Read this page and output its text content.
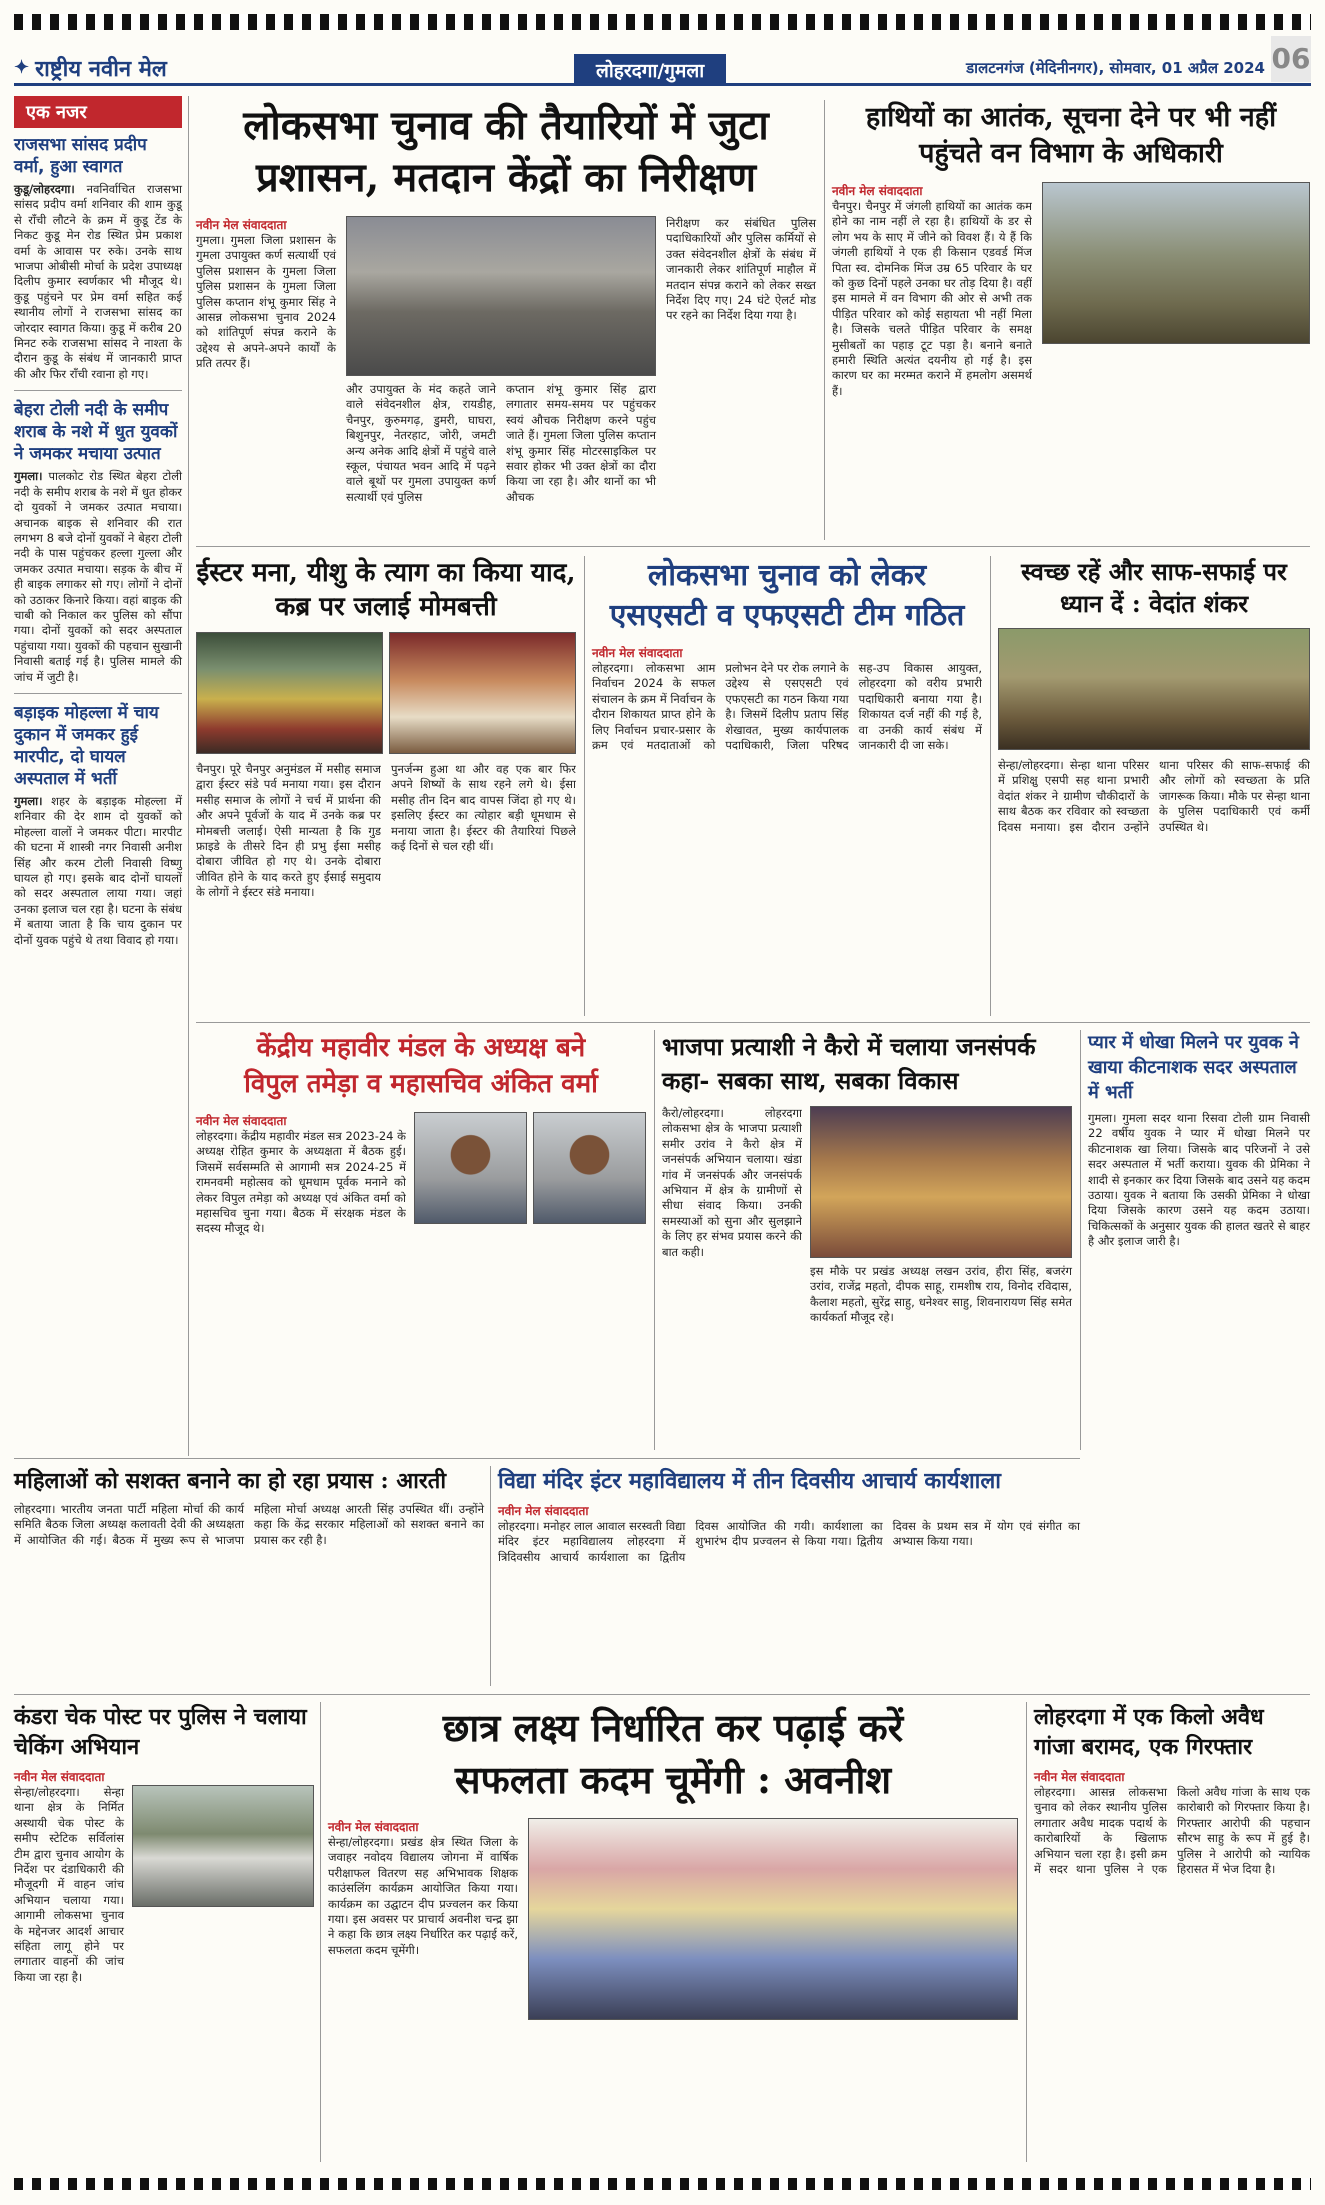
✦ राष्ट्रीय नवीन मेल	लोहरदगा/गुमला	डालटनगंज (मेदिनीनगर), सोमवार, 01 अप्रैल 2024 06
एक नजर
राजसभा सांसद प्रदीप वर्मा, हुआ स्वागत
कुडू/लोहरदगा। नवनिर्वाचित राजसभा सांसद प्रदीप वर्मा शनिवार की शाम कुडू से राँची लौटने के क्रम में कुडू टेंड के निकट कुडू मेन रोड स्थित प्रेम प्रकाश वर्मा के आवास पर रुके। उनके साथ भाजपा ओबीसी मोर्चा के प्रदेश उपाध्यक्ष दिलीप कुमार स्वर्णकार भी मौजूद थे। कुडू पहुंचने पर प्रेम वर्मा सहित कई स्थानीय लोगों ने राजसभा सांसद का जोरदार स्वागत किया। कुडू में करीब 20 मिनट रुके राजसभा सांसद ने नाश्ता के दौरान कुडू के संबंध में जानकारी प्राप्त की और फिर राँची रवाना हो गए।
बेहरा टोली नदी के समीप शराब के नशे में धुत युवकों ने जमकर मचाया उत्पात
गुमला। पालकोट रोड स्थित बेहरा टोली नदी के समीप शराब के नशे में धुत होकर दो युवकों ने जमकर उत्पात मचाया। अचानक बाइक से शनिवार की रात लगभग 8 बजे दोनों युवकों ने बेहरा टोली नदी के पास पहुंचकर हल्ला गुल्ला और जमकर उत्पात मचाया। सड़क के बीच में ही बाइक लगाकर सो गए। लोगों ने दोनों को उठाकर किनारे किया। वहां बाइक की चाबी को निकाल कर पुलिस को सौंपा गया। दोनों युवकों को सदर अस्पताल पहुंचाया गया। युवकों की पहचान सुखानी निवासी बताई गई है। पुलिस मामले की जांच में जुटी है।
बड़ाइक मोहल्ला में चाय दुकान में जमकर हुई मारपीट, दो घायल अस्पताल में भर्ती
गुमला। शहर के बड़ाइक मोहल्ला में शनिवार की देर शाम दो युवकों को मोहल्ला वालों ने जमकर पीटा। मारपीट की घटना में शास्त्री नगर निवासी अनीश सिंह और करम टोली निवासी विष्णु घायल हो गए। इसके बाद दोनों घायलों को सदर अस्पताल लाया गया। जहां उनका इलाज चल रहा है। घटना के संबंध में बताया जाता है कि चाय दुकान पर दोनों युवक पहुंचे थे तथा विवाद हो गया।
लोकसभा चुनाव की तैयारियों में जुटा
प्रशासन, मतदान केंद्रों का निरीक्षण
नवीन मेल संवाददाता
गुमला। गुमला जिला प्रशासन के गुमला उपायुक्त कर्ण सत्यार्थी एवं पुलिस प्रशासन के गुमला जिला पुलिस प्रशासन के गुमला जिला पुलिस कप्तान शंभू कुमार सिंह ने आसन्न लोकसभा चुनाव 2024 को शांतिपूर्ण संपन्न कराने के उद्देश्य से अपने-अपने कार्यों के प्रति तत्पर हैं।
और उपायुक्त के मंद कहते जाने वाले संवेदनशील क्षेत्र, रायडीह, चैनपुर, कुरुमगढ़, डुमरी, घाघरा, बिशुनपुर, नेतरहाट, जोरी, जमटी अन्य अनेक आदि क्षेत्रों में पहुंचे वाले स्कूल, पंचायत भवन आदि में पढ़ने वाले बूथों पर गुमला उपायुक्त कर्ण सत्यार्थी एवं पुलिस
कप्तान शंभू कुमार सिंह द्वारा लगातार समय-समय पर पहुंचकर स्वयं औचक निरीक्षण करने पहुंच जाते हैं। गुमला जिला पुलिस कप्तान शंभू कुमार सिंह मोटरसाइकिल पर सवार होकर भी उक्त क्षेत्रों का दौरा किया जा रहा है। और थानों का भी औचक
निरीक्षण कर संबंधित पुलिस पदाधिकारियों और पुलिस कर्मियों से उक्त संवेदनशील क्षेत्रों के संबंध में जानकारी लेकर शांतिपूर्ण माहौल में मतदान संपन्न कराने को लेकर सख्त निर्देश दिए गए। 24 घंटे ऐलर्ट मोड पर रहने का निर्देश दिया गया है।
हाथियों का आतंक, सूचना देने पर भी नहीं पहुंचते वन विभाग के अधिकारी
नवीन मेल संवाददाता
चैनपुर। चैनपुर में जंगली हाथियों का आतंक कम होने का नाम नहीं ले रहा है। हाथियों के डर से लोग भय के साए में जीने को विवश हैं। ये हैं कि जंगली हाथियों ने एक ही किसान एडवर्ड मिंज पिता स्व. दोमनिक मिंज उम्र 65 परिवार के घर को कुछ दिनों पहले उनका घर तोड़ दिया है। वहीं इस मामले में वन विभाग की ओर से अभी तक पीड़ित परिवार को कोई सहायता भी नहीं मिला है। जिसके चलते पीड़ित परिवार के समक्ष मुसीबतों का पहाड़ टूट पड़ा है। बनाने बनाते हमारी स्थिति अत्यंत दयनीय हो गई है। इस कारण घर का मरम्मत कराने में हमलोग असमर्थ हैं।
ईस्टर मना, यीशु के त्याग का किया याद, कब्र पर जलाई मोमबत्ती
चैनपुर। पूरे चैनपुर अनुमंडल में मसीह समाज द्वारा ईस्टर संडे पर्व मनाया गया। इस दौरान मसीह समाज के लोगों ने चर्च में प्रार्थना की और अपने पूर्वजों के याद में उनके कब्र पर मोमबत्ती जलाई। ऐसी मान्यता है कि गुड फ्राइडे के तीसरे दिन ही प्रभु ईसा मसीह दोबारा जीवित हो गए थे। उनके दोबारा जीवित होने के याद करते हुए ईसाई समुदाय के लोगों ने ईस्टर संडे मनाया।
पुनर्जन्म हुआ था और वह एक बार फिर अपने शिष्यों के साथ रहने लगे थे। ईसा मसीह तीन दिन बाद वापस जिंदा हो गए थे। इसलिए ईस्टर का त्योहार बड़ी धूमधाम से मनाया जाता है। ईस्टर की तैयारियां पिछले कई दिनों से चल रही थीं।
लोकसभा चुनाव को लेकर
एसएसटी व एफएसटी टीम गठित
नवीन मेल संवाददाता
लोहरदगा। लोकसभा आम निर्वाचन 2024 के सफल संचालन के क्रम में निर्वाचन के दौरान शिकायत प्राप्त होने के लिए निर्वाचन प्रचार-प्रसार के क्रम एवं मतदाताओं को प्रलोभन देने पर रोक लगाने के उद्देश्य से एसएसटी एवं एफएसटी का गठन किया गया है। जिसमें दिलीप प्रताप सिंह शेखावत, मुख्य कार्यपालक पदाधिकारी, जिला परिषद सह-उप विकास आयुक्त, लोहरदगा को वरीय प्रभारी पदाधिकारी बनाया गया है। शिकायत दर्ज नहीं की गई है, वा उनकी कार्य संबंध में जानकारी दी जा सके।
स्वच्छ रहें और साफ-सफाई पर ध्यान दें : वेदांत शंकर
सेन्हा/लोहरदगा। सेन्हा थाना परिसर में प्रशिक्षु एसपी सह थाना प्रभारी वेदांत शंकर ने ग्रामीण चौकीदारों के साथ बैठक कर रविवार को स्वच्छता दिवस मनाया। इस दौरान उन्होंने थाना परिसर की साफ-सफाई की और लोगों को स्वच्छता के प्रति जागरूक किया। मौके पर सेन्हा थाना के पुलिस पदाधिकारी एवं कर्मी उपस्थित थे।
केंद्रीय महावीर मंडल के अध्यक्ष बने
विपुल तमेड़ा व महासचिव अंकित वर्मा
नवीन मेल संवाददाता
लोहरदगा। केंद्रीय महावीर मंडल सत्र 2023-24 के अध्यक्ष रोहित कुमार के अध्यक्षता में बैठक हुई। जिसमें सर्वसम्मति से आगामी सत्र 2024-25 में रामनवमी महोत्सव को धूमधाम पूर्वक मनाने को लेकर विपुल तमेड़ा को अध्यक्ष एवं अंकित वर्मा को महासचिव चुना गया। बैठक में संरक्षक मंडल के सदस्य मौजूद थे।
भाजपा प्रत्याशी ने कैरो में चलाया जनसंपर्क
कहा- सबका साथ, सबका विकास
कैरो/लोहरदगा। लोहरदगा लोकसभा क्षेत्र के भाजपा प्रत्याशी समीर उरांव ने कैरो क्षेत्र में जनसंपर्क अभियान चलाया। खंडा गांव में जनसंपर्क और जनसंपर्क अभियान में क्षेत्र के ग्रामीणों से सीधा संवाद किया। उनकी समस्याओं को सुना और सुलझाने के लिए हर संभव प्रयास करने की बात कही।
इस मौके पर प्रखंड अध्यक्ष लखन उरांव, हीरा सिंह, बजरंग उरांव, राजेंद्र महतो, दीपक साहू, रामशीष राय, विनोद रविदास, कैलाश महतो, सुरेंद्र साहु, धनेश्वर साहु, शिवनारायण सिंह समेत कार्यकर्ता मौजूद रहे।
प्यार में धोखा मिलने पर युवक ने खाया कीटनाशक सदर अस्पताल में भर्ती
गुमला। गुमला सदर थाना रिसवा टोली ग्राम निवासी 22 वर्षीय युवक ने प्यार में धोखा मिलने पर कीटनाशक खा लिया। जिसके बाद परिजनों ने उसे सदर अस्पताल में भर्ती कराया। युवक की प्रेमिका ने शादी से इनकार कर दिया जिसके बाद उसने यह कदम उठाया। युवक ने बताया कि उसकी प्रेमिका ने धोखा दिया जिसके कारण उसने यह कदम उठाया। चिकित्सकों के अनुसार युवक की हालत खतरे से बाहर है और इलाज जारी है।
महिलाओं को सशक्त बनाने का हो रहा प्रयास : आरती
लोहरदगा। भारतीय जनता पार्टी महिला मोर्चा की कार्य समिति बैठक जिला अध्यक्ष कलावती देवी की अध्यक्षता में आयोजित की गई। बैठक में मुख्य रूप से भाजपा महिला मोर्चा अध्यक्ष आरती सिंह उपस्थित थीं। उन्होंने कहा कि केंद्र सरकार महिलाओं को सशक्त बनाने का प्रयास कर रही है।
विद्या मंदिर इंटर महाविद्यालय में तीन दिवसीय आचार्य कार्यशाला
नवीन मेल संवाददाता
लोहरदगा। मनोहर लाल आवाल सरस्वती विद्या मंदिर इंटर महाविद्यालय लोहरदगा में त्रिदिवसीय आचार्य कार्यशाला का द्वितीय दिवस आयोजित की गयी। कार्यशाला का शुभारंभ दीप प्रज्वलन से किया गया। द्वितीय दिवस के प्रथम सत्र में योग एवं संगीत का अभ्यास किया गया।
कंडरा चेक पोस्ट पर पुलिस ने चलाया चेकिंग अभियान
नवीन मेल संवाददाता
सेन्हा/लोहरदगा। सेन्हा थाना क्षेत्र के निर्मित अस्थायी चेक पोस्ट के समीप स्टेटिक सर्विलांस टीम द्वारा चुनाव आयोग के निर्देश पर दंडाधिकारी की मौजूदगी में वाहन जांच अभियान चलाया गया। आगामी लोकसभा चुनाव के मद्देनजर आदर्श आचार संहिता लागू होने पर लगातार वाहनों की जांच किया जा रहा है।
छात्र लक्ष्य निर्धारित कर पढ़ाई करें
सफलता कदम चूमेंगी : अवनीश
नवीन मेल संवाददाता
सेन्हा/लोहरदगा। प्रखंड क्षेत्र स्थित जिला के जवाहर नवोदय विद्यालय जोगना में वार्षिक परीक्षाफल वितरण सह अभिभावक शिक्षक काउंसलिंग कार्यक्रम आयोजित किया गया। कार्यक्रम का उद्घाटन दीप प्रज्वलन कर किया गया। इस अवसर पर प्राचार्य अवनीश चन्द्र झा ने कहा कि छात्र लक्ष्य निर्धारित कर पढ़ाई करें, सफलता कदम चूमेंगी।
लोहरदगा में एक किलो अवैध गांजा बरामद, एक गिरफ्तार
नवीन मेल संवाददाता
लोहरदगा। आसन्न लोकसभा चुनाव को लेकर स्थानीय पुलिस लगातार अवैध मादक पदार्थ के कारोबारियों के खिलाफ अभियान चला रहा है। इसी क्रम में सदर थाना पुलिस ने एक किलो अवैध गांजा के साथ एक कारोबारी को गिरफ्तार किया है। गिरफ्तार आरोपी की पहचान सौरभ साहु के रूप में हुई है। पुलिस ने आरोपी को न्यायिक हिरासत में भेज दिया है।
